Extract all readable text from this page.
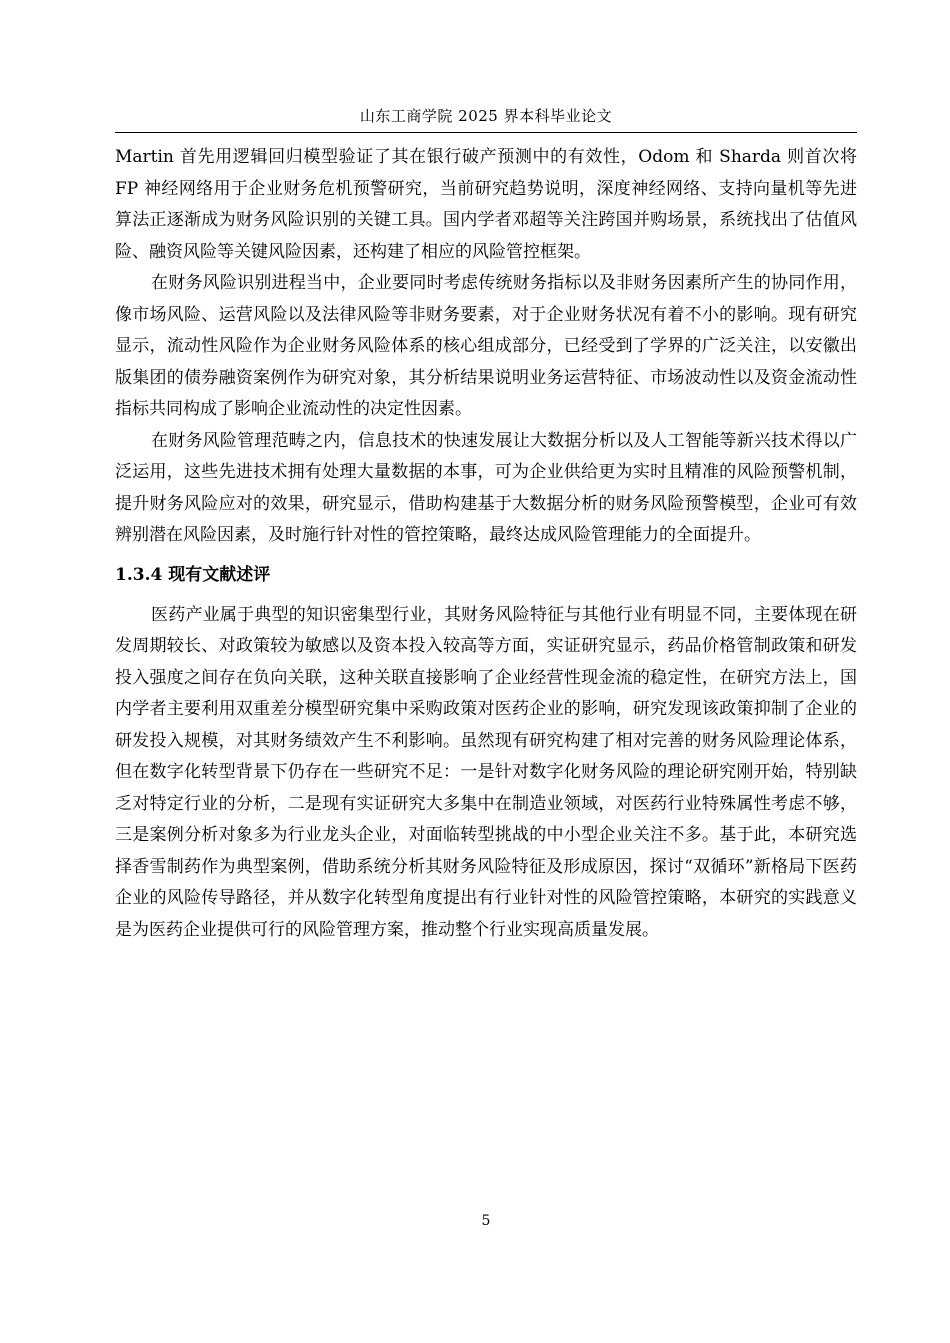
山东工商学院 2025 界本科毕业论文

Martin 首先用逻辑回归模型验证了其在银行破产预测中的有效性，Odom 和 Sharda 则首次将 FP 神经网络用于企业财务危机预警研究，当前研究趋势说明，深度神经网络、支持向量机等先进算法正逐渐成为财务风险识别的关键工具。国内学者邓超等关注跨国并购场景，系统找出了估值风险、融资风险等关键风险因素，还构建了相应的风险管控框架。

在财务风险识别进程当中，企业要同时考虑传统财务指标以及非财务因素所产生的协同作用，像市场风险、运营风险以及法律风险等非财务要素，对于企业财务状况有着不小的影响。现有研究显示，流动性风险作为企业财务风险体系的核心组成部分，已经受到了学界的广泛关注，以安徽出版集团的债券融资案例作为研究对象，其分析结果说明业务运营特征、市场波动性以及资金流动性指标共同构成了影响企业流动性的决定性因素。

在财务风险管理范畴之内，信息技术的快速发展让大数据分析以及人工智能等新兴技术得以广泛运用，这些先进技术拥有处理大量数据的本事，可为企业供给更为实时且精准的风险预警机制，提升财务风险应对的效果，研究显示，借助构建基于大数据分析的财务风险预警模型，企业可有效辨别潜在风险因素，及时施行针对性的管控策略，最终达成风险管理能力的全面提升。

1.3.4 现有文献述评

医药产业属于典型的知识密集型行业，其财务风险特征与其他行业有明显不同，主要体现在研发周期较长、对政策较为敏感以及资本投入较高等方面，实证研究显示，药品价格管制政策和研发投入强度之间存在负向关联，这种关联直接影响了企业经营性现金流的稳定性，在研究方法上，国内学者主要利用双重差分模型研究集中采购政策对医药企业的影响，研究发现该政策抑制了企业的研发投入规模，对其财务绩效产生不利影响。虽然现有研究构建了相对完善的财务风险理论体系，但在数字化转型背景下仍存在一些研究不足：一是针对数字化财务风险的理论研究刚开始，特别缺乏对特定行业的分析，二是现有实证研究大多集中在制造业领域，对医药行业特殊属性考虑不够，三是案例分析对象多为行业龙头企业，对面临转型挑战的中小型企业关注不多。基于此，本研究选择香雪制药作为典型案例，借助系统分析其财务风险特征及形成原因，探讨“双循环”新格局下医药企业的风险传导路径，并从数字化转型角度提出有行业针对性的风险管控策略，本研究的实践意义是为医药企业提供可行的风险管理方案，推动整个行业实现高质量发展。

5
